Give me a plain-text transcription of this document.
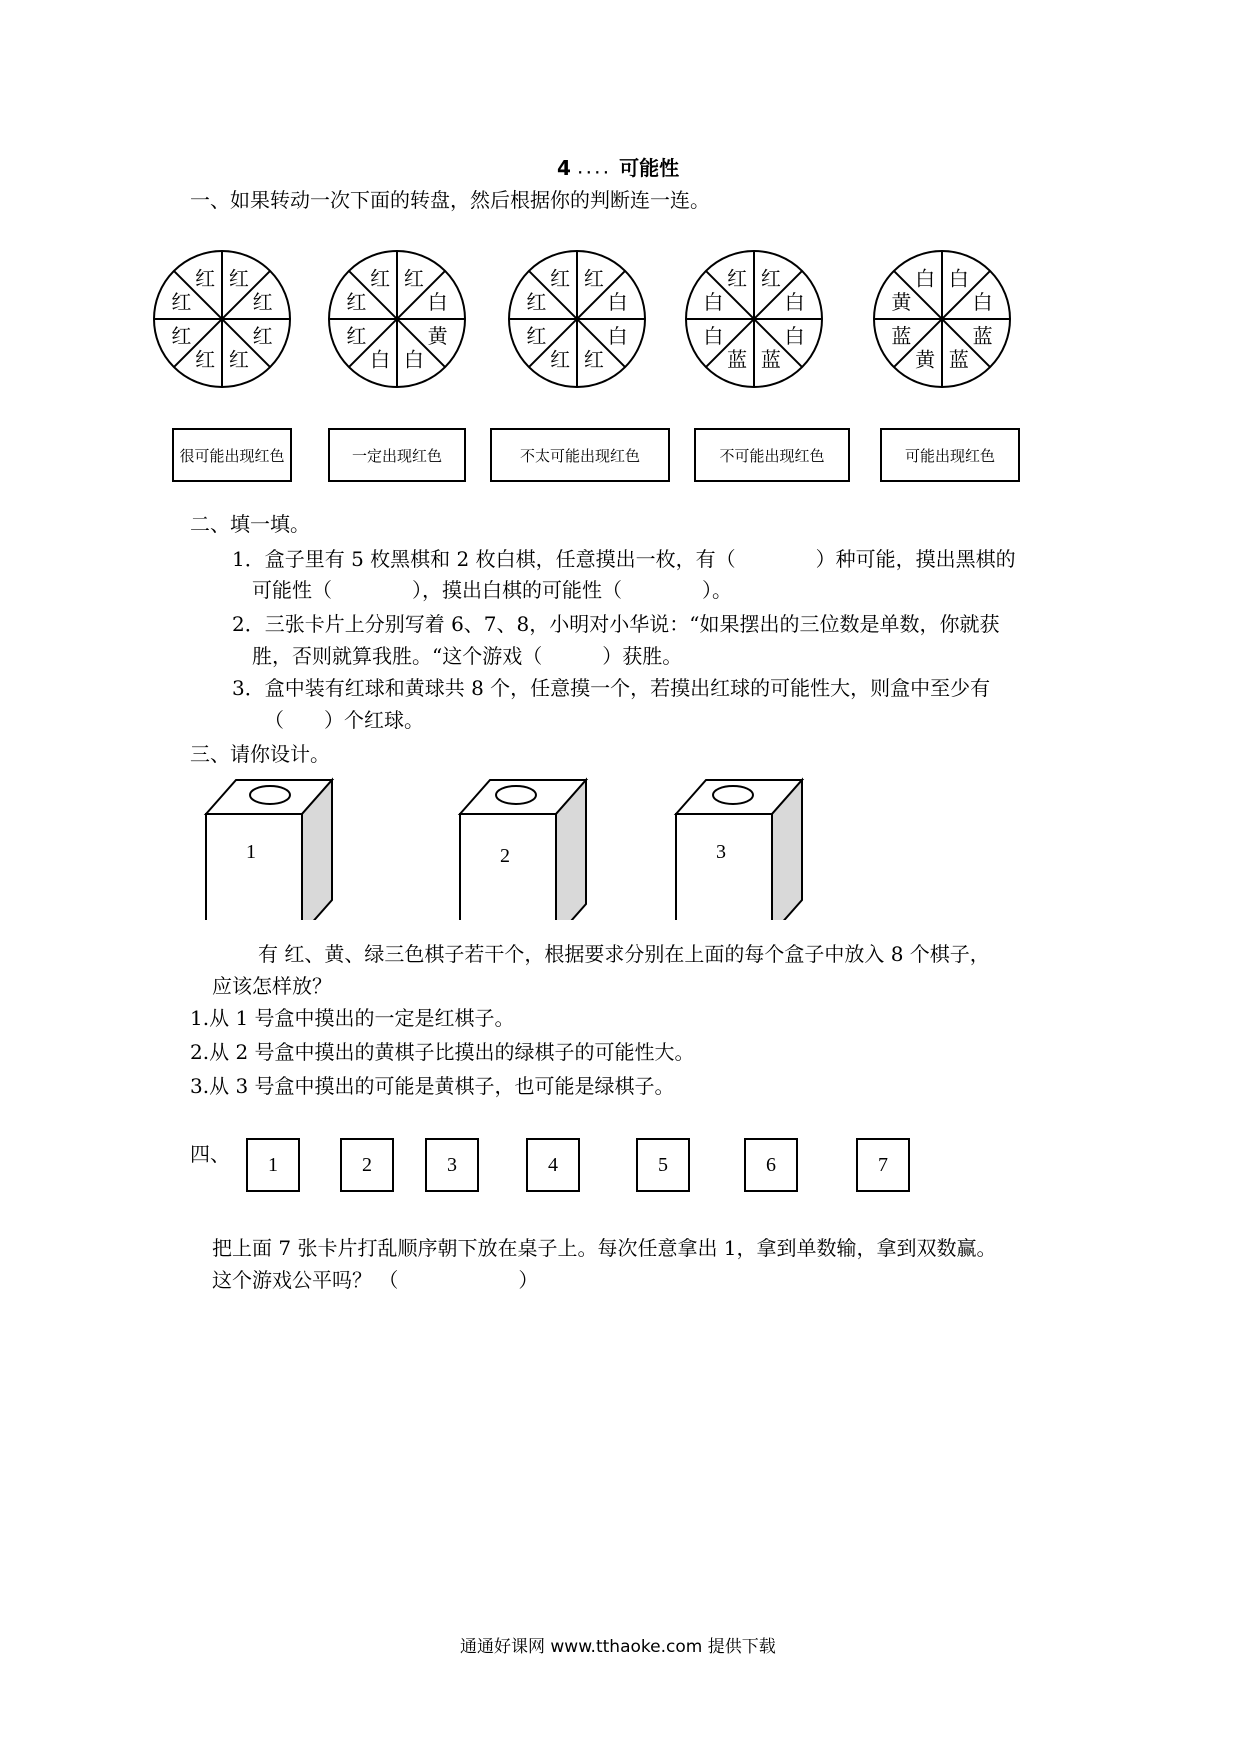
4 .... 可能性
一、如果转动一次下面的转盘，然后根据你的判断连一连。
红
红
红
红
红
红
红
红	红
白
黄
白
白
红
红
红	红
白
白
红
红
红
红
红	红
白
白
蓝
蓝
白
白
红	白
白
蓝
蓝
黄
蓝
黄
白
很可能出现红色	一定出现红色	不太可能出现红色	不可能出现红色	可能出现红色
二、填一填。
1．盒子里有 5 枚黑棋和 2 枚白棋，任意摸出一枚，有（　　　　）种可能，摸出黑棋的
可能性（　　　　），摸出白棋的可能性（　　　　）。
2．三张卡片上分别写着 6、7、8，小明对小华说：“如果摆出的三位数是单数，你就获
胜，否则就算我胜。“这个游戏（　　　）获胜。
3．盒中装有红球和黄球共 8 个，任意摸一个，若摸出红球的可能性大，则盒中至少有
（　　）个红球。
三、请你设计。
1	2	3
有 红、黄、绿三色棋子若干个，根据要求分别在上面的每个盒子中放入 8 个棋子，
应该怎样放？
1.从 1 号盒中摸出的一定是红棋子。
2.从 2 号盒中摸出的黄棋子比摸出的绿棋子的可能性大。
3.从 3 号盒中摸出的可能是黄棋子，也可能是绿棋子。
四、	1	2	3	4	5	6	7
把上面 7 张卡片打乱顺序朝下放在桌子上。每次任意拿出 1，拿到单数输，拿到双数赢。
这个游戏公平吗？ （　　　　　　）
通通好课网 www.tthaoke.com 提供下载
